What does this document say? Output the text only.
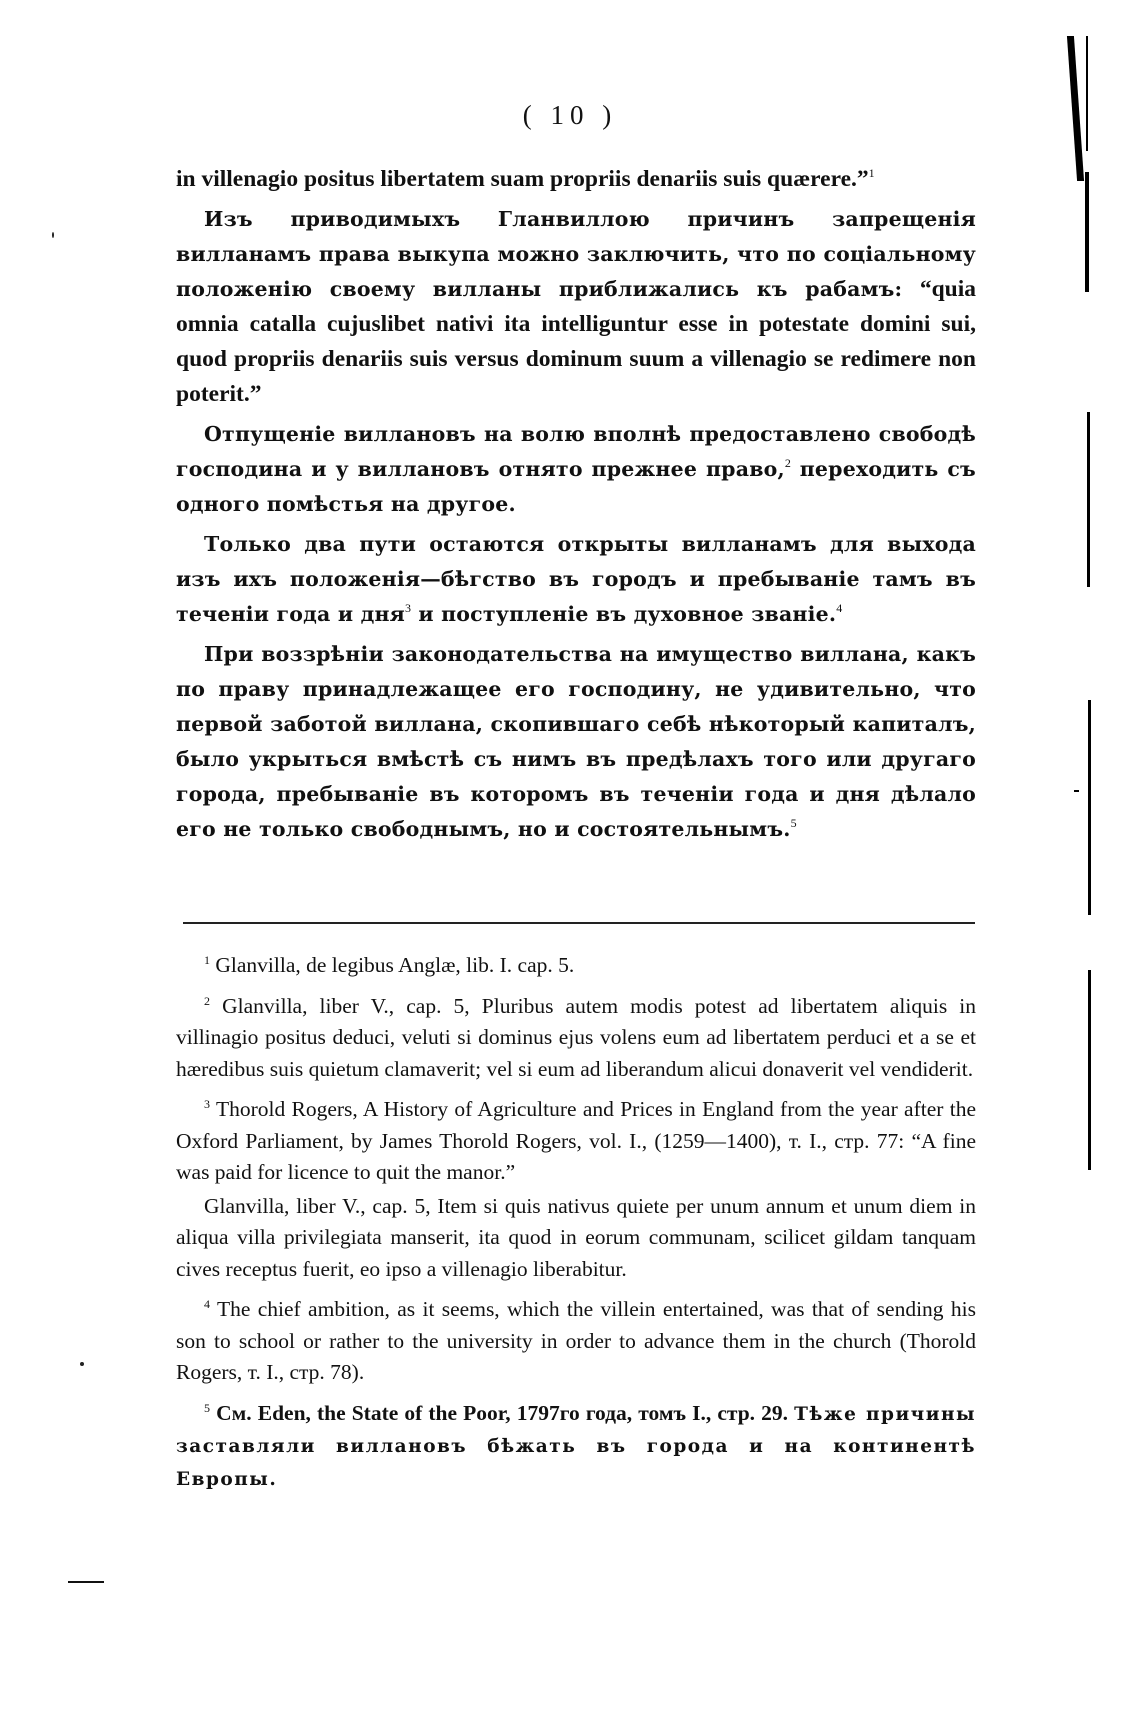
( 10 )

in villenagio positus libertatem suam propriis denariis suis quærere.”$^1$

Изъ приводимыхъ Гланвиллою причинъ запрещенія вилланамъ права выкупа можно заключить, что по соціальному положенію своему вилланы приближались къ рабамъ: “quia omnia catalla cujuslibet nativi ita intelliguntur esse in potestate domini sui, quod propriis denariis suis versus dominum suum a villenagio se redimere non poterit.”

Отпущеніе виллановъ на волю вполнѣ предоставлено свободѣ господина и у виллановъ отнято прежнее право,$^2$ переходить съ одного помѣстья на другое.

Только два пути остаются открыты вилланамъ для выхода изъ ихъ положенія—бѣгство въ городъ и пребываніе тамъ въ теченіи года и дня$^3$ и поступленіе въ духовное званіе.$^4$

При воззрѣніи законодательства на имущество виллана, какъ по праву принадлежащее его господину, не удивительно, что первой заботой виллана, скопившаго себѣ нѣкоторый капиталъ, было укрыться вмѣстѣ съ нимъ въ предѣлахъ того или другаго города, пребываніе въ которомъ въ теченіи года и дня дѣлало его не только свободнымъ, но и состоятельнымъ.$^5$

$^1$ Glanvilla, de legibus Anglæ, lib. I. cap. 5.

$^2$ Glanvilla, liber V., cap. 5, Pluribus autem modis potest ad libertatem aliquis in villinagio positus deduci, veluti si dominus ejus volens eum ad libertatem perduci et a se et hæredibus suis quietum clamaverit; vel si eum ad liberandum alicui donaverit vel vendiderit.

$^3$ Thorold Rogers, A History of Agriculture and Prices in England from the year after the Oxford Parliament, by James Thorold Rogers, vol. I., (1259—1400), т. I., стр. 77: “A fine was paid for licence to quit the manor.”

Glanvilla, liber V., cap. 5, Item si quis nativus quiete per unum annum et unum diem in aliqua villa privilegiata manserit, ita quod in eorum communam, scilicet gildam tanquam cives receptus fuerit, eo ipso a villenagio liberabitur.

$^4$ The chief ambition, as it seems, which the villein entertained, was that of sending his son to school or rather to the university in order to advance them in the church (Thorold Rogers, т. I., стр. 78).

$^5$ См. Eden, the State of the Poor, 1797го года, томъ I., стр. 29. Тѣже причины заставляли виллановъ бѣжать въ города и на континентѣ Европы.
